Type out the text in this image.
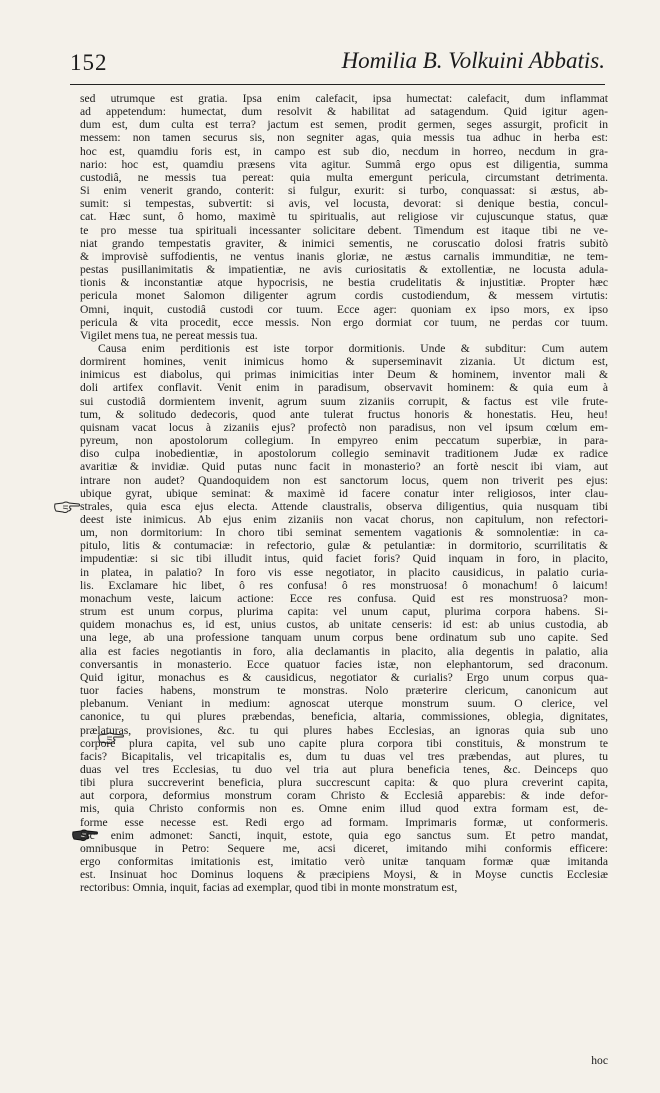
152	Homilia B. Volkuini Abbatis.
sed utrumque est gratia. Ipsa enim calefacit, ipsa humectat: calefacit, dum inflammat
ad appetendum: humectat, dum resolvit & habilitat ad satagendum. Quid igitur agen-
dum est, dum culta est terra? jactum est semen, prodit germen, seges assurgit, proficit in
messem: non tamen securus sis, non segniter agas, quia messis tua adhuc in herba est:
hoc est, quamdiu foris est, in campo est sub dio, necdum in horreo, necdum in gra-
nario: hoc est, quamdiu præsens vita agitur. Summâ ergo opus est diligentia, summa
custodiâ, ne messis tua pereat: quia multa emergunt pericula, circumstant detrimenta.
Si enim venerit grando, conterit: si fulgur, exurit: si turbo, conquassat: si æstus, ab-
sumit: si tempestas, subvertit: si avis, vel locusta, devorat: si denique bestia, concul-
cat. Hæc sunt, ô homo, maximè tu spiritualis, aut religiose vir cujuscunque status, quæ
te pro messe tua spirituali incessanter solicitare debent. Timendum est itaque tibi ne ve-
niat grando tempestatis graviter, & inimici sementis, ne coruscatio dolosi fratris subitò
& improvisè suffodientis, ne ventus inanis gloriæ, ne æstus carnalis immunditiæ, ne tem-
pestas pusillanimitatis & impatientiæ, ne avis curiositatis & extollentiæ, ne locusta adula-
tionis & inconstantiæ atque hypocrisis, ne bestia crudelitatis & injustitiæ. Propter hæc
pericula monet Salomon diligenter agrum cordis custodiendum, & messem virtutis:
Omni, inquit, custodiâ custodi cor tuum. Ecce ager: quoniam ex ipso mors, ex ipso
pericula & vita procedit, ecce messis. Non ergo dormiat cor tuum, ne perdas cor tuum.
Vigilet mens tua, ne pereat messis tua.
Causa enim perditionis est iste torpor dormitionis. Unde & subditur: Cum autem
dormirent homines, venit inimicus homo & superseminavit zizania. Ut dictum est,
inimicus est diabolus, qui primas inimicitias inter Deum & hominem, inventor mali &
doli artifex conflavit. Venit enim in paradisum, observavit hominem: & quia eum à
sui custodiâ dormientem invenit, agrum suum zizaniis corrupit, & factus est vile frute-
tum, & solitudo dedecoris, quod ante tulerat fructus honoris & honestatis. Heu, heu!
quisnam vacat locus à zizaniis ejus? profectò non paradisus, non vel ipsum cœlum em-
pyreum, non apostolorum collegium. In empyreo enim peccatum superbiæ, in para-
diso culpa inobedientiæ, in apostolorum collegio seminavit traditionem Judæ ex radice
avaritiæ & invidiæ. Quid putas nunc facit in monasterio? an fortè nescit ibi viam, aut
intrare non audet? Quandoquidem non est sanctorum locus, quem non triverit pes ejus:
ubique gyrat, ubique seminat: & maximè id facere conatur inter religiosos, inter clau-
strales, quia esca ejus electa. Attende claustralis, observa diligentius, quia nusquam tibi
deest iste inimicus. Ab ejus enim zizaniis non vacat chorus, non capitulum, non refectori-
um, non dormitorium: In choro tibi seminat sementem vagationis & somnolentiæ: in ca-
pitulo, litis & contumaciæ: in refectorio, gulæ & petulantiæ: in dormitorio, scurrilitatis &
impudentiæ: si sic tibi illudit intus, quid faciet foris? Quid inquam in foro, in placito,
in platea, in palatio? In foro vis esse negotiator, in placito causidicus, in palatio curia-
lis. Exclamare hic libet, ô res confusa! ô res monstruosa! ô monachum! ô laicum!
monachum veste, laicum actione: Ecce res confusa. Quid est res monstruosa? mon-
strum est unum corpus, plurima capita: vel unum caput, plurima corpora habens. Si-
quidem monachus es, id est, unius custos, ab unitate censeris: id est: ab unius custodia, ab
una lege, ab una professione tanquam unum corpus bene ordinatum sub uno capite. Sed
alia est facies negotiantis in foro, alia declamantis in placito, alia degentis in palatio, alia
conversantis in monasterio. Ecce quatuor facies istæ, non elephantorum, sed draconum.
Quid igitur, monachus es & causidicus, negotiator & curialis? Ergo unum corpus qua-
tuor facies habens, monstrum te monstras. Nolo præterire clericum, canonicum aut
plebanum. Veniant in medium: agnoscat uterque monstrum suum. O clerice, vel
canonice, tu qui plures præbendas, beneficia, altaria, commissiones, oblegia, dignitates,
prælaturas, provisiones, &c. tu qui plures habes Ecclesias, an ignoras quia sub uno
corpore plura capita, vel sub uno capite plura corpora tibi constituis, & monstrum te
facis? Bicapitalis, vel tricapitalis es, dum tu duas vel tres præbendas, aut plures, tu
duas vel tres Ecclesias, tu duo vel tria aut plura beneficia tenes, &c. Deinceps quo
tibi plura succreverint beneficia, plura succrescunt capita: & quo plura creverint capita,
aut corpora, deformius monstrum coram Christo & Ecclesiâ apparebis: & inde defor-
mis, quia Christo conformis non es. Omne enim illud quod extra formam est, de-
forme esse necesse est. Redi ergo ad formam. Imprimaris formæ, ut conformeris.
Sic enim admonet: Sancti, inquit, estote, quia ego sanctus sum. Et petro mandat,
omnibusque in Petro: Sequere me, acsi diceret, imitando mihi conformis efficere:
ergo conformitas imitationis est, imitatio verò unitæ tanquam formæ quæ imitanda
est. Insinuat hoc Dominus loquens & præcipiens Moysi, & in Moyse cunctis Ecclesiæ
rectoribus: Omnia, inquit, facias ad exemplar, quod tibi in monte monstratum est,
hoc
